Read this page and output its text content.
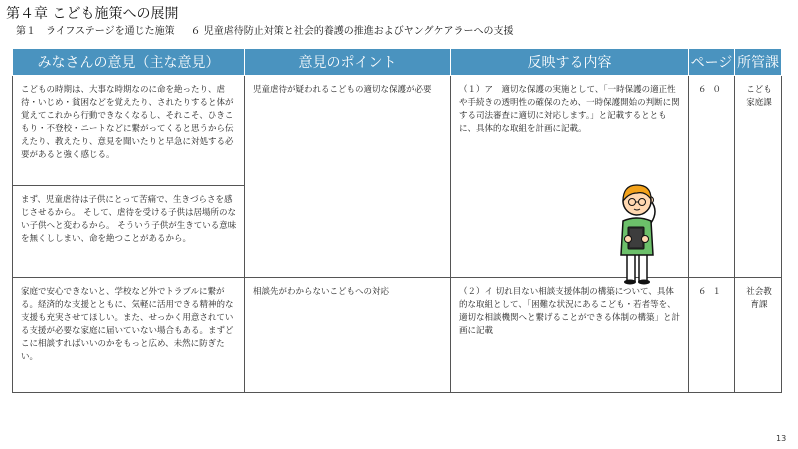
第４章 こども施策への展開
第１　ライフステージを通じた施策 ６ 児童虐待防止対策と社会的養護の推進およびヤングケアラーへの支援
みなさんの意見（主な意見）	意見のポイント	反映する内容	ページ	所管課
こどもの時期は、大事な時期なのに命を絶ったり、虐待・いじめ・貧困などを覚えたり、されたりすると体が覚えてこれから行動できなくなるし、それこそ、ひきこもり・不登校・ニートなどに繋がってくると思うから伝えたり、教えたり、意見を聞いたりと早急に対処する必要があると強く感じる。	児童虐待が疑われるこどもの適切な保護が必要	（１）ア　適切な保護の実施として、「一時保護の適正性や手続きの透明性の確保のため、一時保護開始の判断に関する司法審査に適切に対応します。」と記載するとともに、具体的な取組を計画に記載。	６０	こども家庭課
まず、児童虐待は子供にとって苦痛で、生きづらさを感じさせるから。 そして、虐待を受ける子供は居場所のない子供へと変わるから。 そういう子供が生きている意味を無くししまい、命を絶つことがあるから。				
家庭で安心できないと、学校など外でトラブルに繋がる。経済的な支援とともに、気軽に活用できる精神的な支援も充実させてほしい。また、せっかく用意されている支援が必要な家庭に届いていない場合もある。まずどこに相談すればいいのかをもっと広め、未然に防ぎたい。	相談先がわからないこどもへの対応	（２）イ 切れ目ない相談支援体制の構築について、具体的な取組として、「困難な状況にあるこども・若者等を、適切な相談機関へと繋げることができる体制の構築」と計画に記載	６１	社会教育課
13
